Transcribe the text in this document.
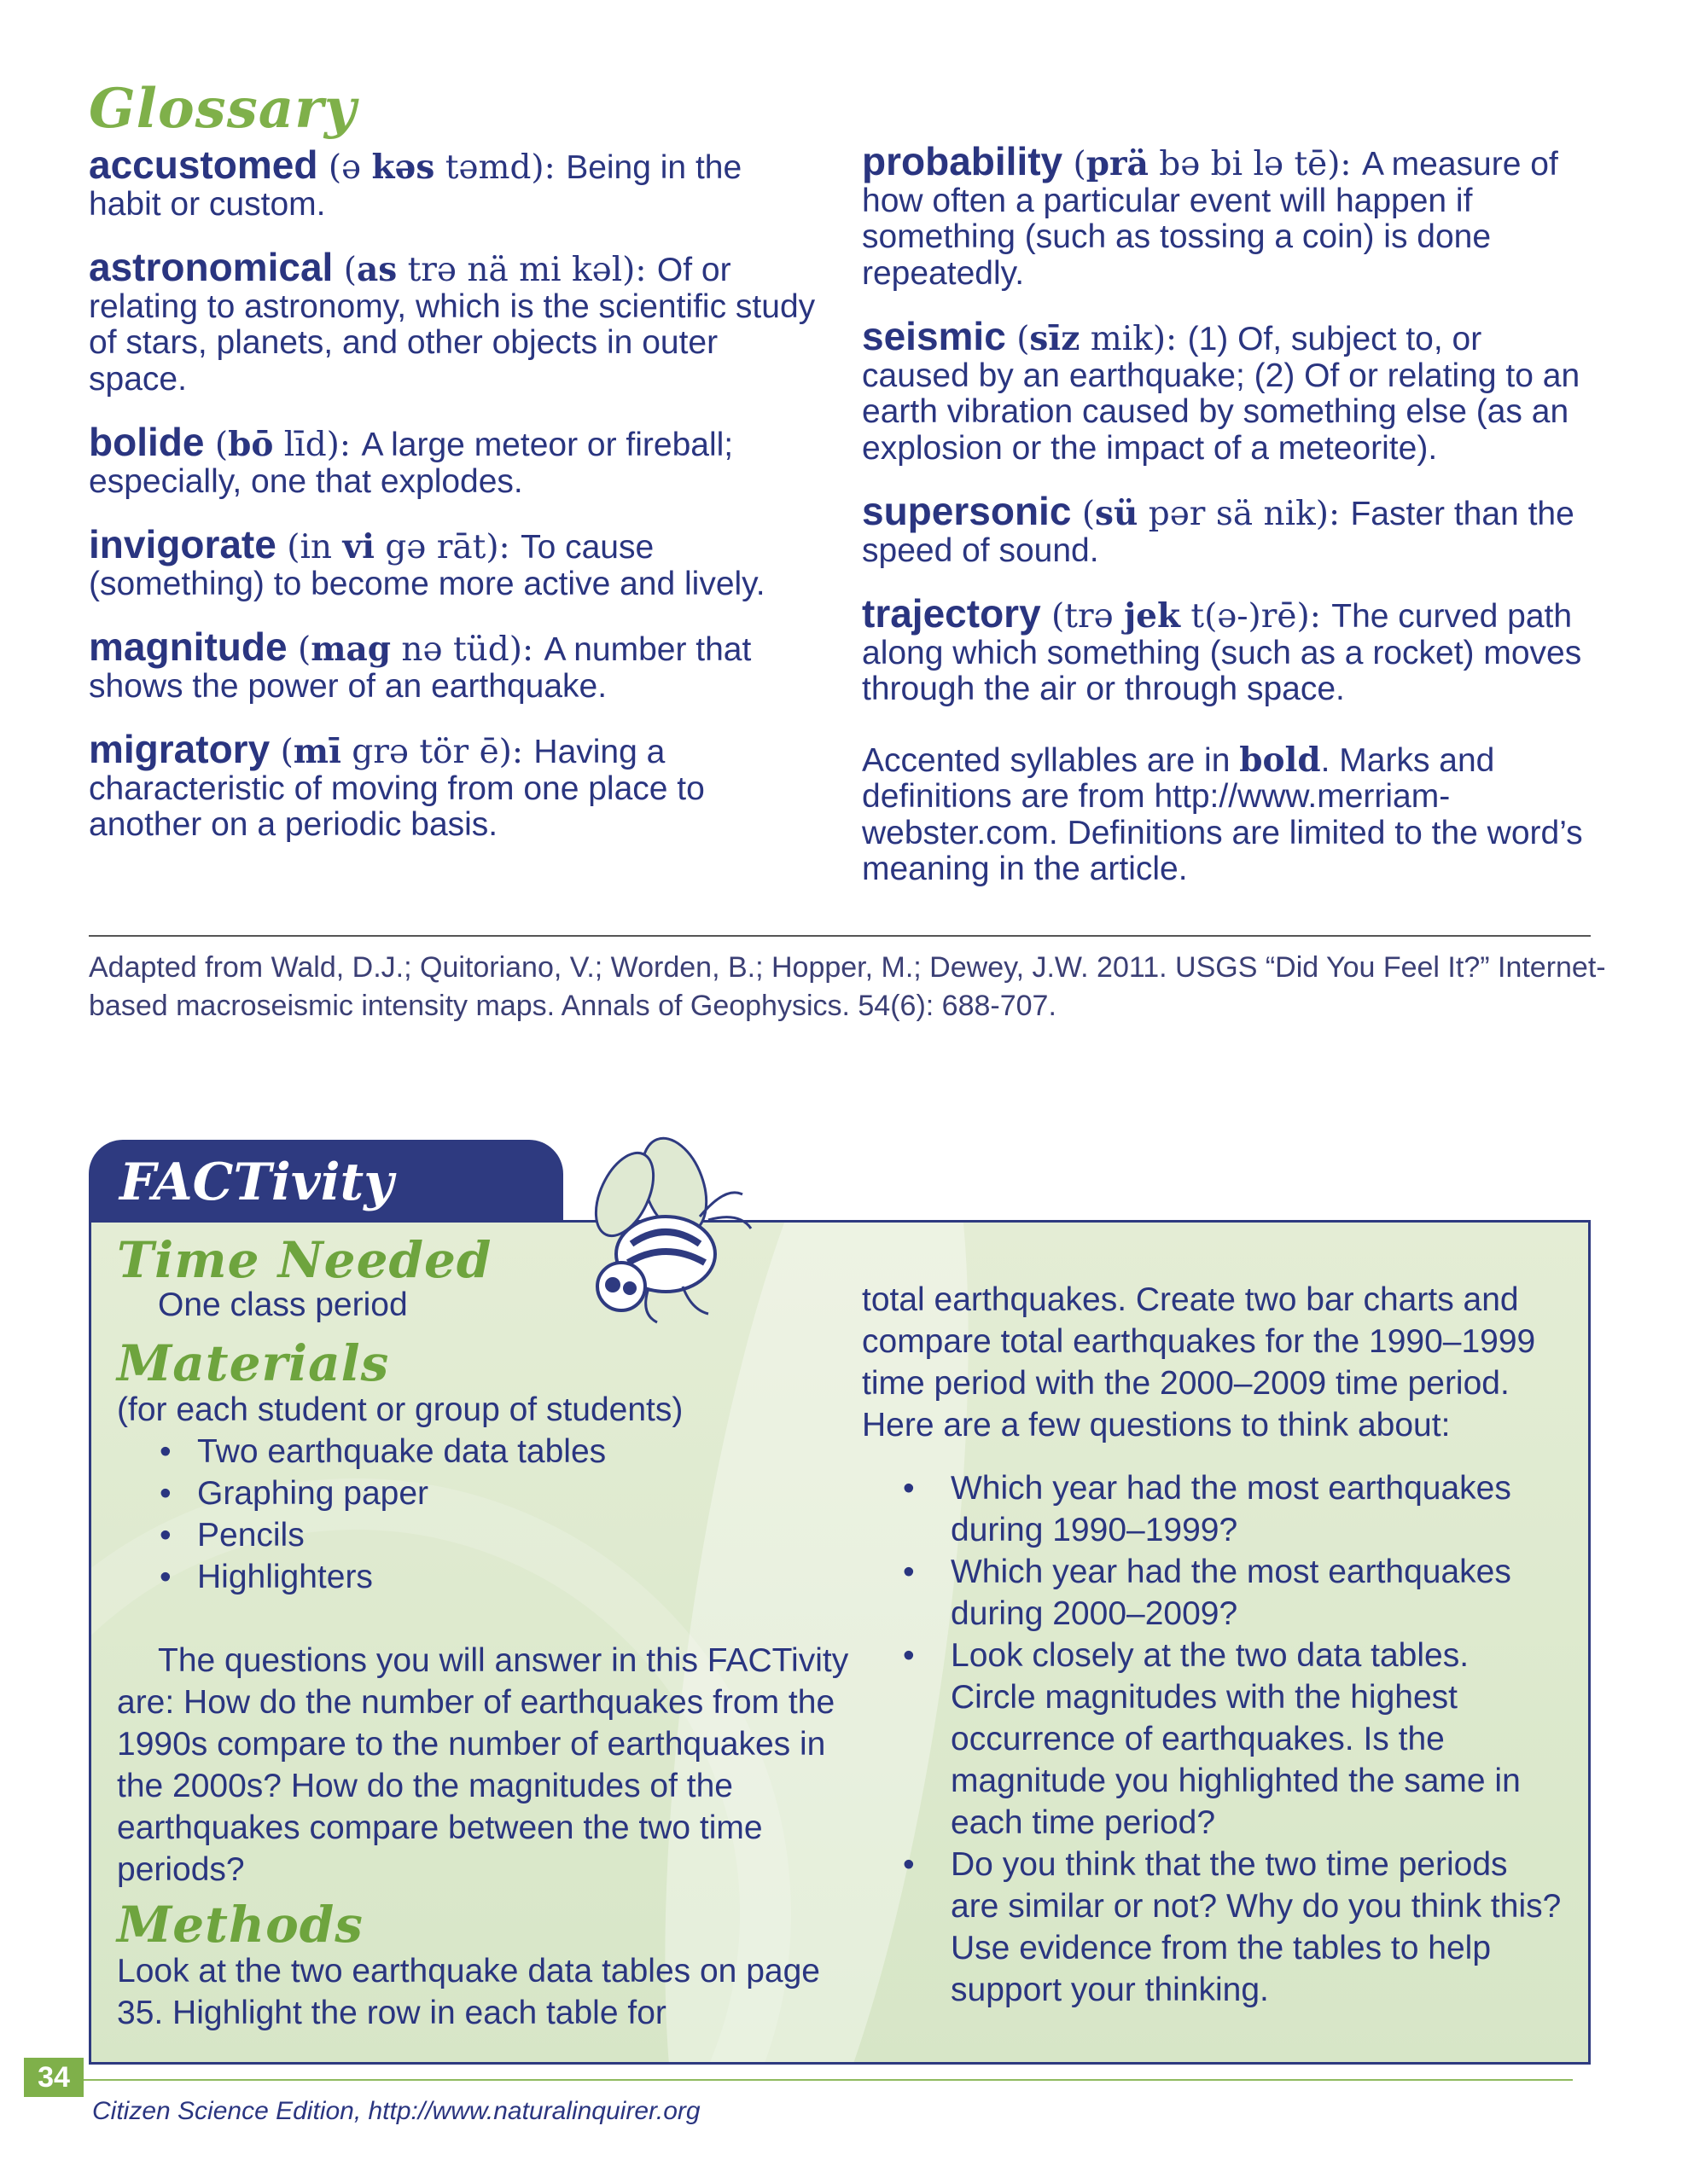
Glossary

accustomed (ə kəs təmd): Being in the habit or custom.

astronomical (as trə nä mi kəl): Of or relating to astronomy, which is the scientific study of stars, planets, and other objects in outer space.

bolide (bō līd): A large meteor or fireball; especially, one that explodes.

invigorate (in vi gə rāt): To cause (something) to become more active and lively.

magnitude (mag nə tüd): A number that shows the power of an earthquake.

migratory (mī grə tör ē): Having a characteristic of moving from one place to another on a periodic basis.

probability (prä bə bi lə tē): A measure of how often a particular event will happen if something (such as tossing a coin) is done repeatedly.

seismic (sīz mik): (1) Of, subject to, or caused by an earthquake; (2) Of or relating to an earth vibration caused by something else (as an explosion or the impact of a meteorite).

supersonic (sü pər sä nik): Faster than the speed of sound.

trajectory (trə jek t(ə-)rē): The curved path along which something (such as a rocket) moves through the air or through space.

Accented syllables are in bold. Marks and definitions are from http://www.merriam-webster.com. Definitions are limited to the word’s meaning in the article.

Adapted from Wald, D.J.; Quitoriano, V.; Worden, B.; Hopper, M.; Dewey, J.W. 2011. USGS “Did You Feel It?” Internet-based macroseismic intensity maps. Annals of Geophysics. 54(6): 688-707.
FACTivity

Time Needed

One class period

Materials

(for each student or group of students)

• Two earthquake data tables
• Graphing paper
• Pencils
• Highlighters

The questions you will answer in this FACTivity are: How do the number of earthquakes from the 1990s compare to the number of earthquakes in the 2000s? How do the magnitudes of the earthquakes compare between the two time periods?

Methods

Look at the two earthquake data tables on page 35. Highlight the row in each table for

total earthquakes. Create two bar charts and compare total earthquakes for the 1990–1999 time period with the 2000–2009 time period. Here are a few questions to think about:

• Which year had the most earthquakes during 1990–1999?
• Which year had the most earthquakes during 2000–2009?
• Look closely at the two data tables. Circle magnitudes with the highest occurrence of earthquakes. Is the magnitude you highlighted the same in each time period?
• Do you think that the two time periods are similar or not? Why do you think this? Use evidence from the tables to help support your thinking.
34
Citizen Science Edition, http://www.naturalinquirer.org
